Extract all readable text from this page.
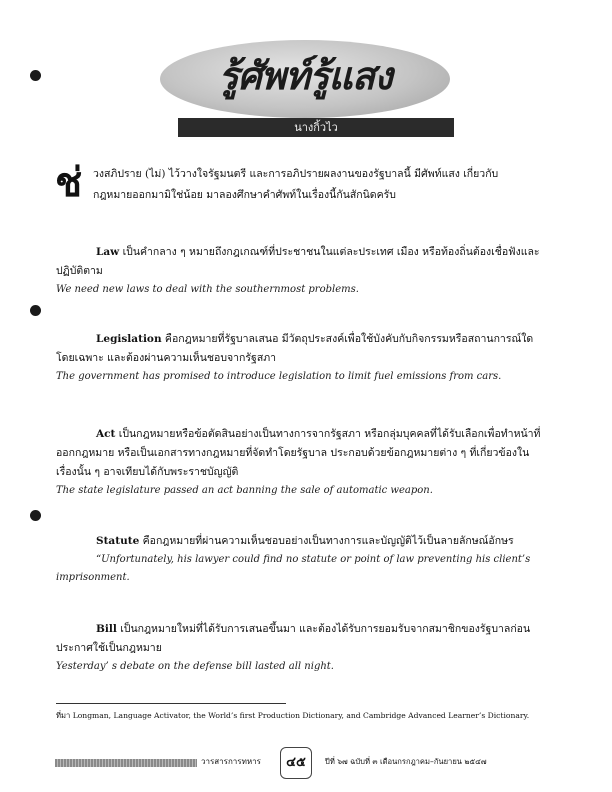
รู้ศัพท์รู้แสง
นางกิ้วไว
ช่ วงสภิปราย (ไม่) ไว้วางใจรัฐมนตรี และการอภิปรายผลงานของรัฐบาลนี้ มีศัพท์แสง เกี่ยวกับ
กฎหมายออกมามิใช่น้อย มาลองศึกษาคำศัพท์ในเรื่องนี้กันสักนิดครับ

Law เป็นคำกลาง ๆ หมายถึงกฎเกณฑ์ที่ประชาชนในแต่ละประเทศ เมือง หรือท้องถิ่นต้องเชื่อฟังและปฏิบัติตาม

We need new laws to deal with the southernmost problems.

Legislation คือกฎหมายที่รัฐบาลเสนอ มีวัตถุประสงค์เพื่อใช้บังคับกับกิจกรรมหรือสถานการณ์ใดโดยเฉพาะ และต้องผ่านความเห็นชอบจากรัฐสภา

The government has promised to introduce legislation to limit fuel emissions from cars.

Act เป็นกฎหมายหรือข้อตัดสินอย่างเป็นทางการจากรัฐสภา หรือกลุ่มบุคคลที่ได้รับเลือกเพื่อทำหน้าที่ออกกฎหมาย หรือเป็นเอกสารทางกฎหมายที่จัดทำโดยรัฐบาล ประกอบด้วยข้อกฎหมายต่าง ๆ ที่เกี่ยวข้องในเรื่องนั้น ๆ อาจเทียบได้กับพระราชบัญญัติ

The state legislature passed an act banning the sale of automatic weapon.

Statute คือกฎหมายที่ผ่านความเห็นชอบอย่างเป็นทางการและบัญญัติไว้เป็นลายลักษณ์อักษร

“Unfortunately, his lawyer could find no statute or point of law preventing his client’s imprisonment.

Bill เป็นกฎหมายใหม่ที่ได้รับการเสนอขึ้นมา และต้องได้รับการยอมรับจากสมาชิกของรัฐบาลก่อนประกาศใช้เป็นกฎหมาย

Yesterday’ s debate on the defense bill lasted all night.

ที่มา Longman, Language Activator, the World’s first Production Dictionary, and Cambridge Advanced Learner’s Dictionary.
วารสารการทหาร	๔๕	ปีที่ ๖๗ ฉบับที่ ๓ เดือนกรกฎาคม–กันยายน ๒๕๔๗
